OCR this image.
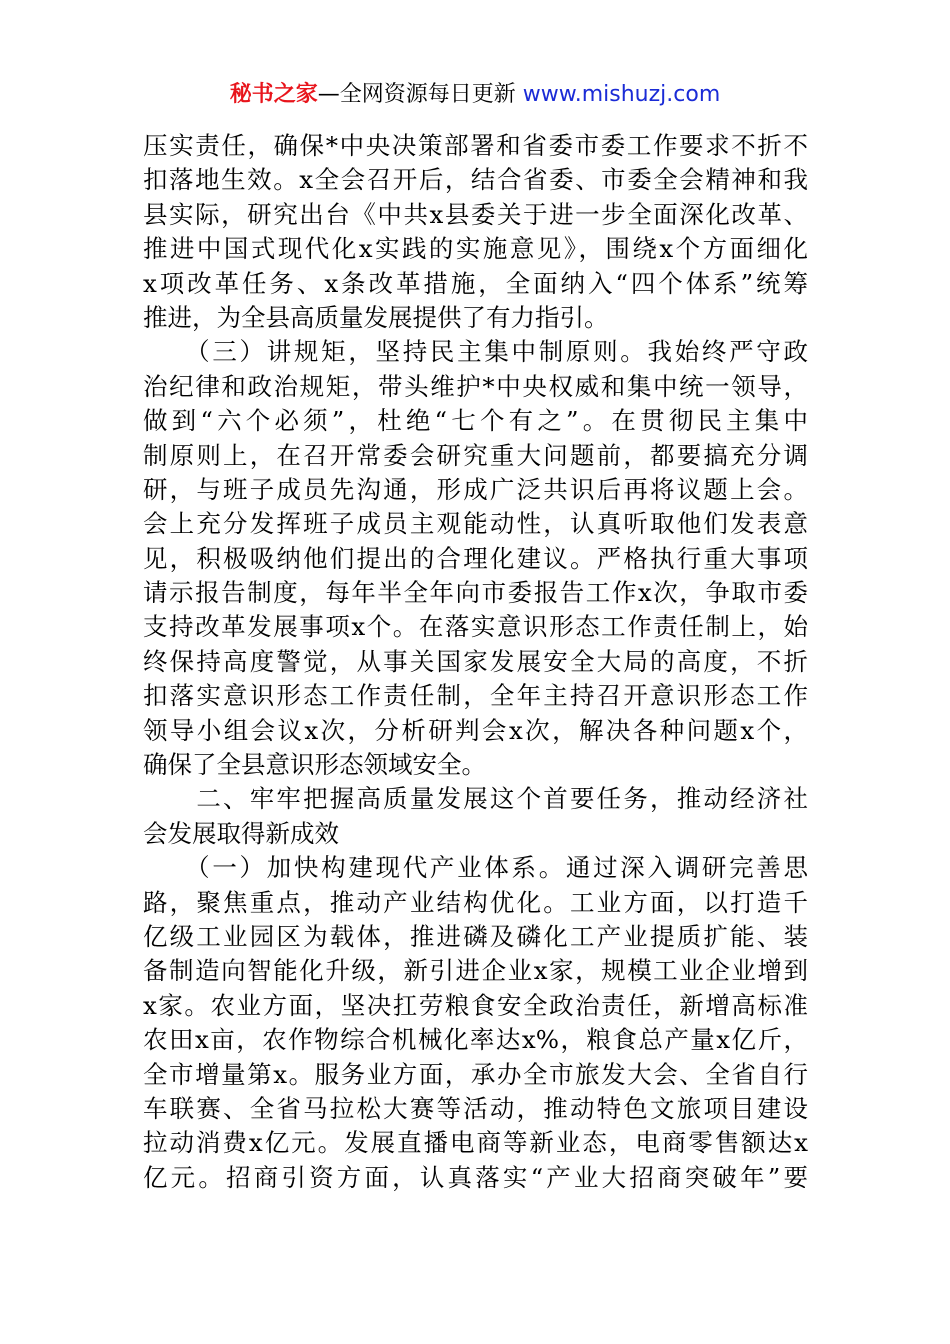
秘书之家—全网资源每日更新 www.mishuzj.com
压实责任，确保*中央决策部署和省委市委工作要求不折不
扣落地生效。x全会召开后，结合省委、市委全会精神和我
县实际，研究出台《中共x县委关于进一步全面深化改革、
推进中国式现代化x实践的实施意见》，围绕x个方面细化
x项改革任务、x条改革措施，全面纳入“四个体系”统筹
推进，为全县高质量发展提供了有力指引。
　　（三）讲规矩，坚持民主集中制原则。我始终严守政
治纪律和政治规矩，带头维护*中央权威和集中统一领导，
做到“六个必须”，杜绝“七个有之”。在贯彻民主集中
制原则上，在召开常委会研究重大问题前，都要搞充分调
研，与班子成员先沟通，形成广泛共识后再将议题上会。
会上充分发挥班子成员主观能动性，认真听取他们发表意
见，积极吸纳他们提出的合理化建议。严格执行重大事项
请示报告制度，每年半全年向市委报告工作x次，争取市委
支持改革发展事项x个。在落实意识形态工作责任制上，始
终保持高度警觉，从事关国家发展安全大局的高度，不折
扣落实意识形态工作责任制，全年主持召开意识形态工作
领导小组会议x次，分析研判会x次，解决各种问题x个，
确保了全县意识形态领域安全。
　　二、牢牢把握高质量发展这个首要任务，推动经济社
会发展取得新成效
　　（一）加快构建现代产业体系。通过深入调研完善思
路，聚焦重点，推动产业结构优化。工业方面，以打造千
亿级工业园区为载体，推进磷及磷化工产业提质扩能、装
备制造向智能化升级，新引进企业x家，规模工业企业增到
x家。农业方面，坚决扛劳粮食安全政治责任，新增高标准
农田x亩，农作物综合机械化率达x%，粮食总产量x亿斤，
全市增量第x。服务业方面，承办全市旅发大会、全省自行
车联赛、全省马拉松大赛等活动，推动特色文旅项目建设
拉动消费x亿元。发展直播电商等新业态，电商零售额达x
亿元。招商引资方面，认真落实“产业大招商突破年”要
